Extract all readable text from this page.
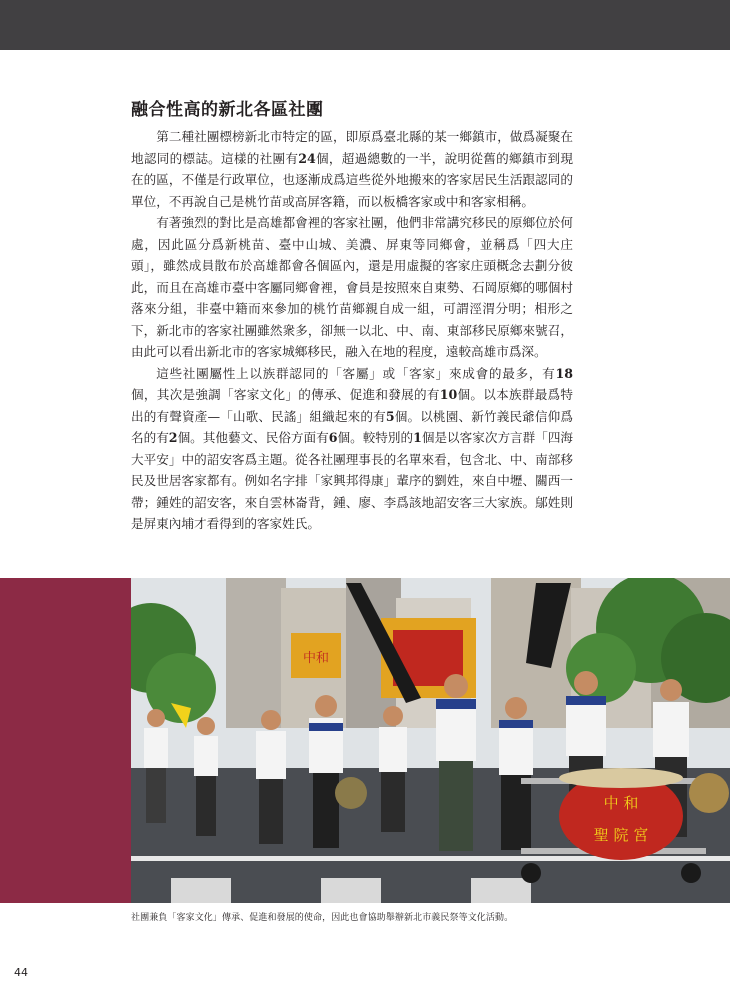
融合性高的新北各區社團

第二種社團標榜新北市特定的區，即原爲臺北縣的某一鄉鎮市，做爲凝聚在地認同的標誌。這樣的社團有24個，超過總數的一半，說明從舊的鄉鎮市到現在的區，不僅是行政單位，也逐漸成爲這些從外地搬來的客家居民生活跟認同的單位，不再說自己是桃竹苗或高屏客籍，而以板橋客家或中和客家相稱。

有著強烈的對比是高雄都會裡的客家社團，他們非常講究移民的原鄉位於何處，因此區分爲新桃苗、臺中山城、美濃、屏東等同鄉會，並稱爲「四大庄頭」，雖然成員散布於高雄都會各個區內，還是用虛擬的客家庄頭概念去劃分彼此，而且在高雄市臺中客屬同鄉會裡，會員是按照來自東勢、石岡原鄉的哪個村落來分組，非臺中籍而來參加的桃竹苗鄉親自成一組，可謂涇渭分明；相形之下，新北市的客家社團雖然衆多，卻無一以北、中、南、東部移民原鄉來號召，由此可以看出新北市的客家城鄉移民，融入在地的程度，遠較高雄市爲深。

這些社團屬性上以族群認同的「客屬」或「客家」來成會的最多，有18個，其次是強調「客家文化」的傳承、促進和發展的有10個。以本族群最爲特出的有聲資產—「山歌、民謠」組織起來的有5個。以桃園、新竹義民爺信仰爲名的有2個。其他藝文、民俗方面有6個。較特別的1個是以客家次方言群「四海大平安」中的詔安客爲主題。從各社團理事長的名單來看，包含北、中、南部移民及世居客家都有。例如名字排「家興邦得康」輩序的劉姓，來自中壢、關西一帶；鍾姓的詔安客，來自雲林崙背，鍾、廖、李爲該地詔安客三大家族。鄔姓則是屏東內埔才看得到的客家姓氏。

中和
中 和
聖 院 宮
社團兼負「客家文化」傳承、促進和發展的使命，因此也會協助舉辦新北市義民祭等文化活動。
44
